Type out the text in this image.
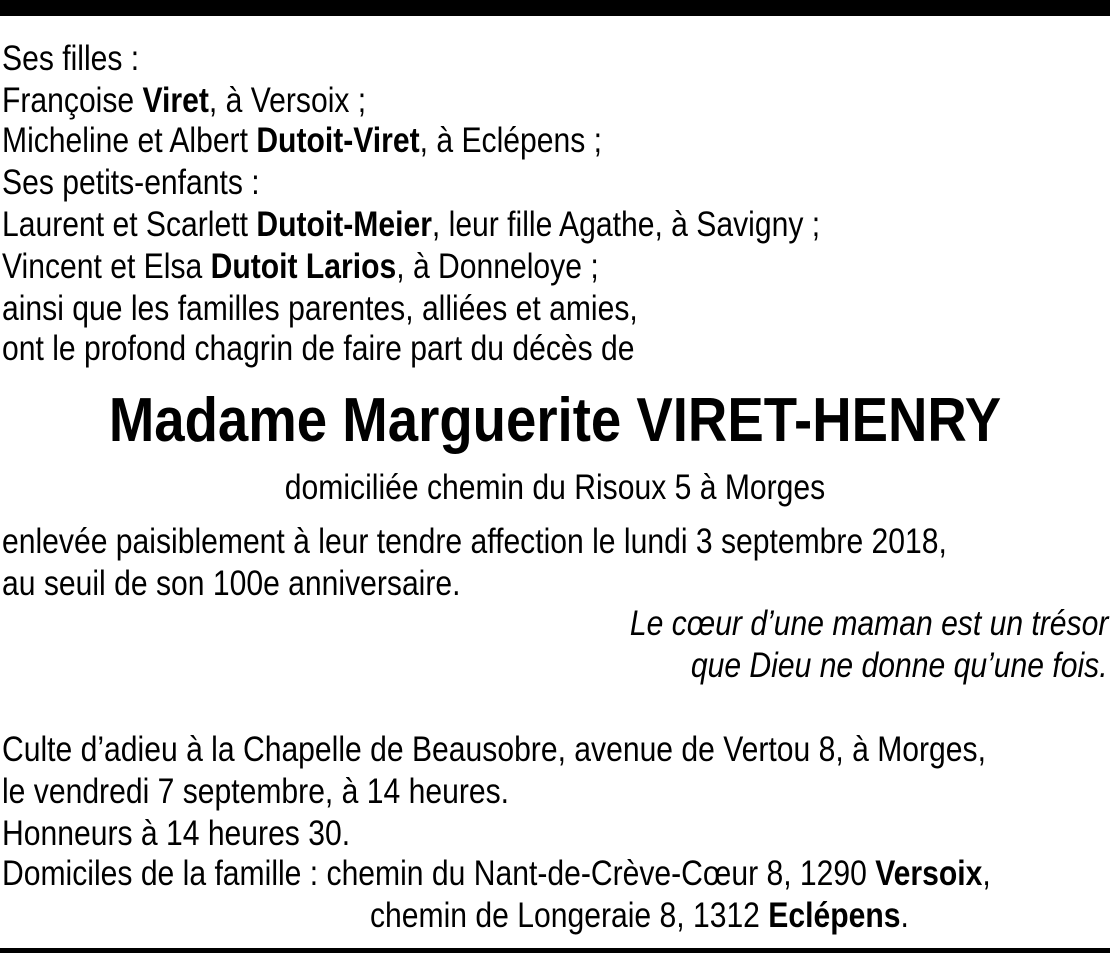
Ses filles :
Françoise Viret, à Versoix ;
Micheline et Albert Dutoit-Viret, à Eclépens ;
Ses petits-enfants :
Laurent et Scarlett Dutoit-Meier, leur fille Agathe, à Savigny ;
Vincent et Elsa Dutoit Larios, à Donneloye ;
ainsi que les familles parentes, alliées et amies,
ont le profond chagrin de faire part du décès de
Madame Marguerite VIRET-HENRY
domiciliée chemin du Risoux 5 à Morges
enlevée paisiblement à leur tendre affection le lundi 3 septembre 2018,
au seuil de son 100e anniversaire.
Le cœur d’une maman est un trésor
que Dieu ne donne qu’une fois.
Culte d’adieu à la Chapelle de Beausobre, avenue de Vertou 8, à Morges,
le vendredi 7 septembre, à 14 heures.
Honneurs à 14 heures 30.
Domiciles de la famille : chemin du Nant-de-Crève-Cœur 8, 1290 Versoix,
chemin de Longeraie 8, 1312 Eclépens.
